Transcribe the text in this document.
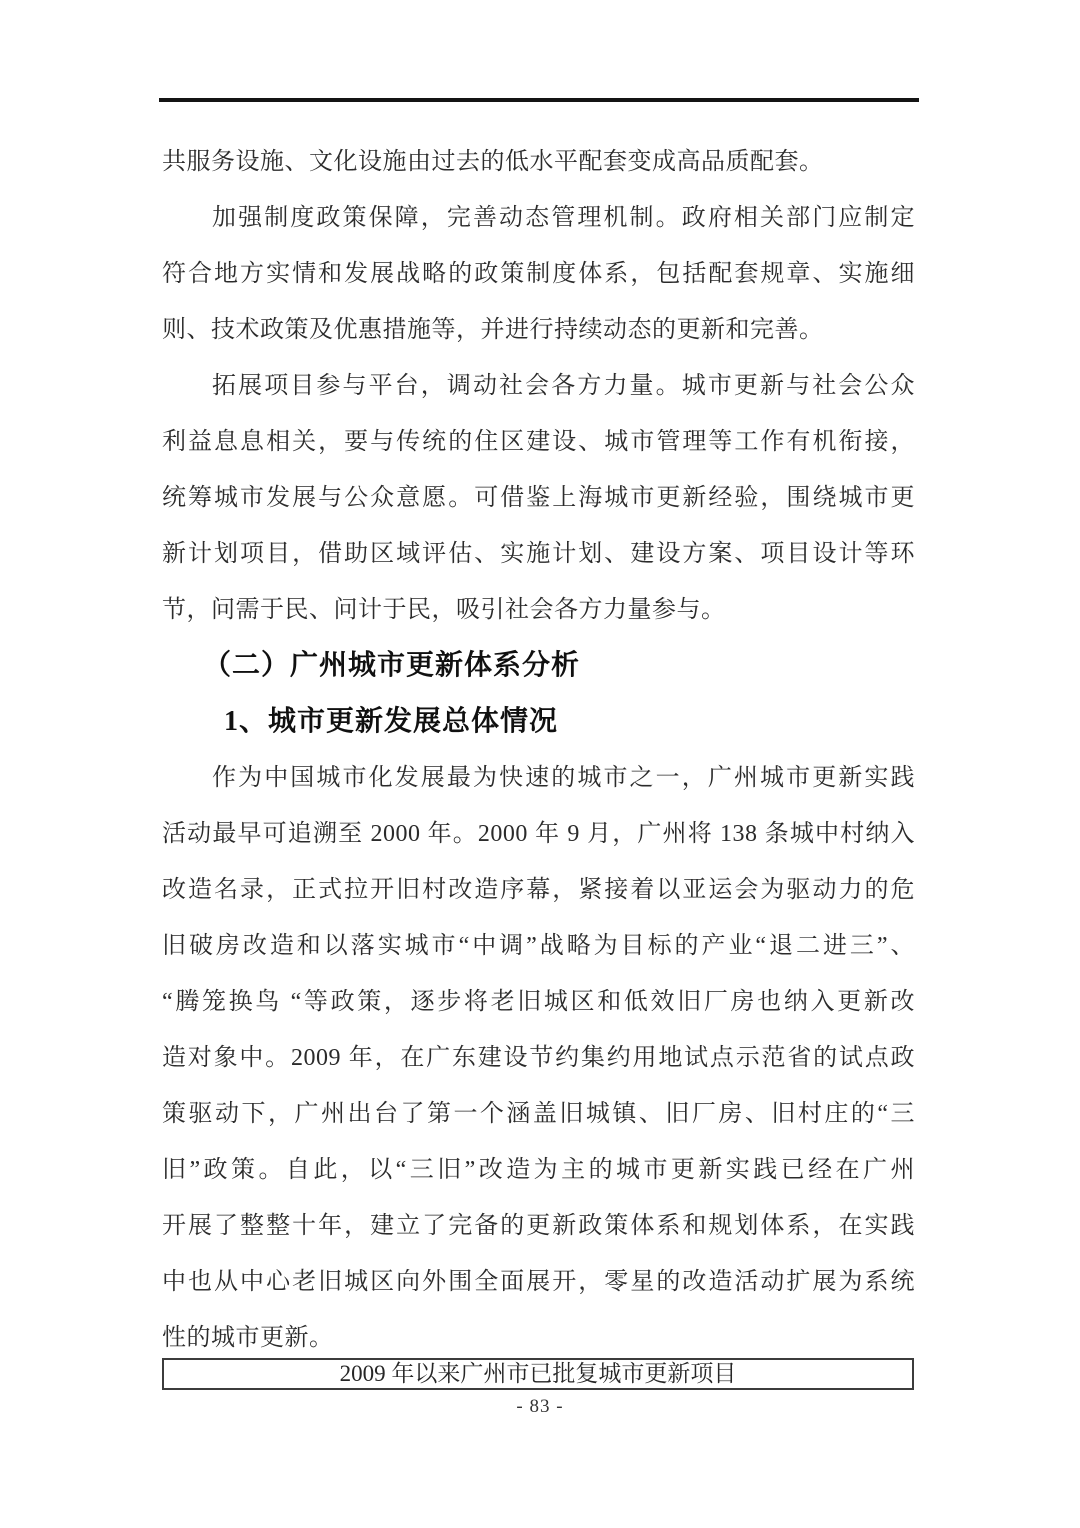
共服务设施、文化设施由过去的低水平配套变成高品质配套。
加强制度政策保障，完善动态管理机制。政府相关部门应制定
符合地方实情和发展战略的政策制度体系，包括配套规章、实施细
则、技术政策及优惠措施等，并进行持续动态的更新和完善。
拓展项目参与平台，调动社会各方力量。城市更新与社会公众
利益息息相关，要与传统的住区建设、城市管理等工作有机衔接，
统筹城市发展与公众意愿。可借鉴上海城市更新经验，围绕城市更
新计划项目，借助区域评估、实施计划、建设方案、项目设计等环
节，问需于民、问计于民，吸引社会各方力量参与。
（二）广州城市更新体系分析
1、城市更新发展总体情况
作为中国城市化发展最为快速的城市之一，广州城市更新实践
活动最早可追溯至 2000 年。2000 年 9 月，广州将 138 条城中村纳入
改造名录，正式拉开旧村改造序幕，紧接着以亚运会为驱动力的危
旧破房改造和以落实城市“中调”战略为目标的产业“退二进三”、
“腾笼换鸟 “等政策，逐步将老旧城区和低效旧厂房也纳入更新改
造对象中。2009 年，在广东建设节约集约用地试点示范省的试点政
策驱动下，广州出台了第一个涵盖旧城镇、旧厂房、旧村庄的“三
旧”政策。自此，以“三旧”改造为主的城市更新实践已经在广州
开展了整整十年，建立了完备的更新政策体系和规划体系，在实践
中也从中心老旧城区向外围全面展开，零星的改造活动扩展为系统
性的城市更新。
2009 年以来广州市已批复城市更新项目
- 83 -
